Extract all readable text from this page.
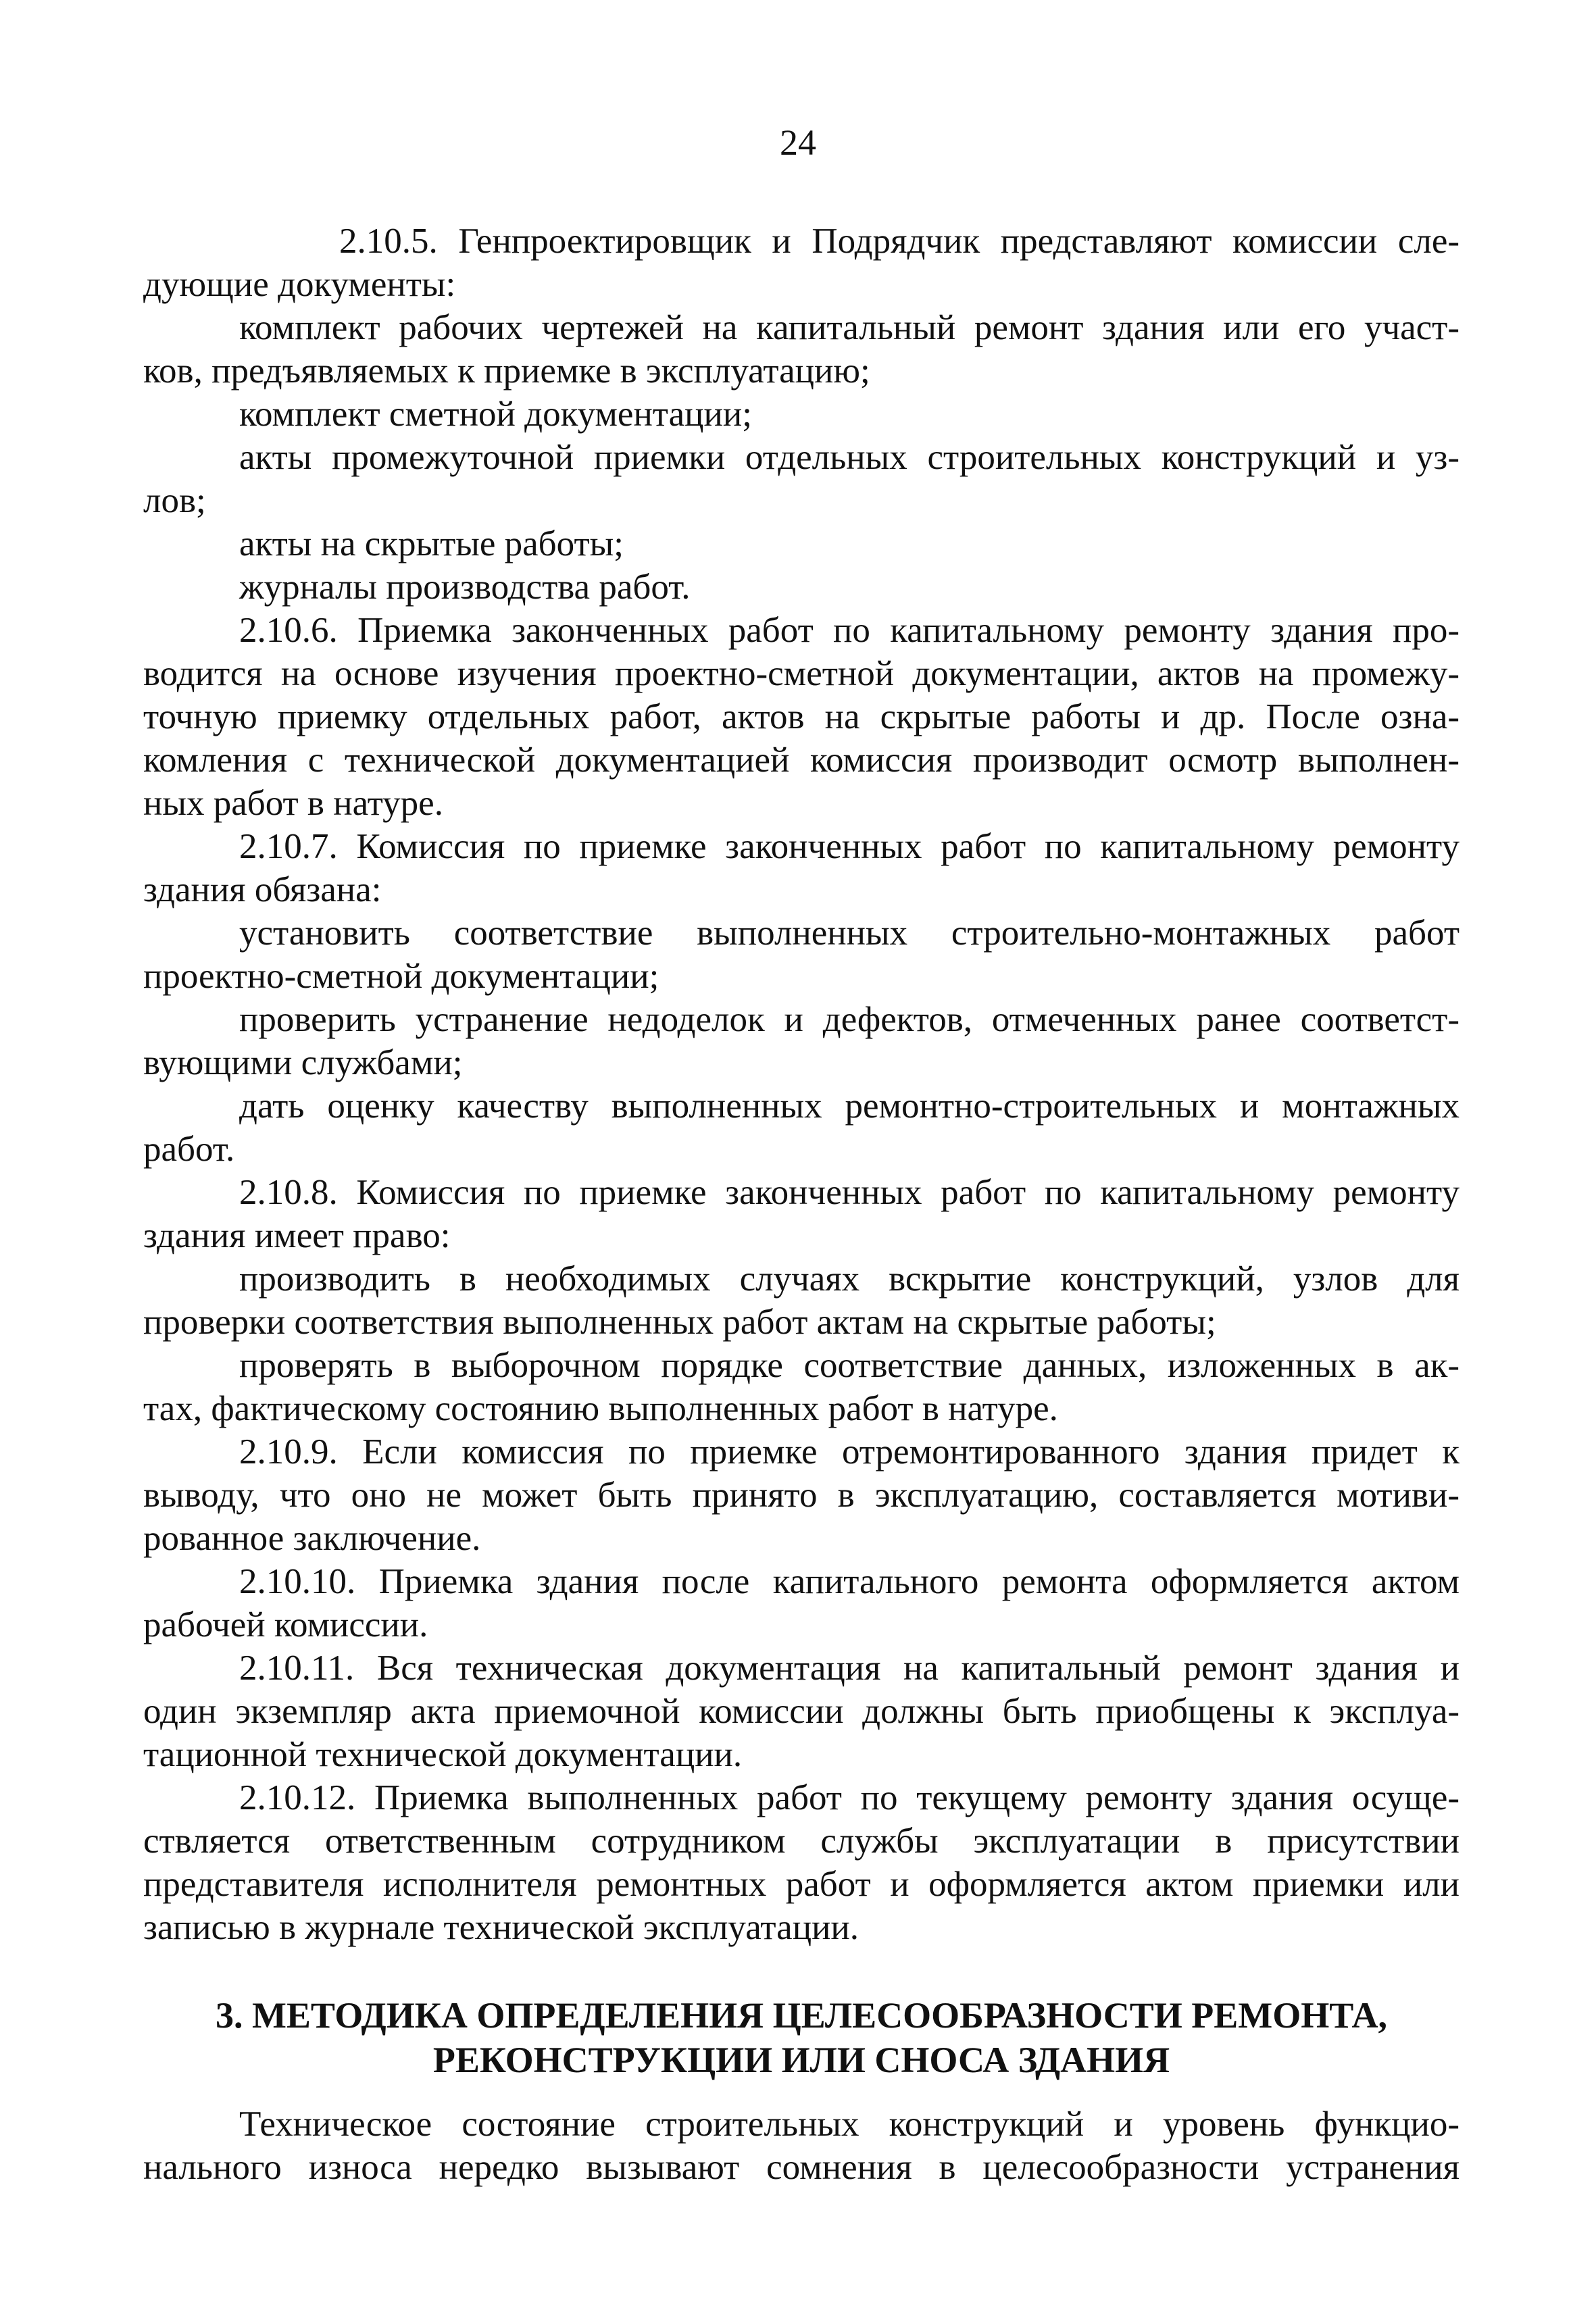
24
2.10.5. Генпроектировщик и Подрядчик представляют комиссии сле-
дующие документы:
комплект рабочих чертежей на капитальный ремонт здания или его участ-
ков, предъявляемых к приемке в эксплуатацию;
комплект сметной документации;
акты промежуточной приемки отдельных строительных конструкций и уз-
лов;
акты на скрытые работы;
журналы производства работ.
2.10.6. Приемка законченных работ по капитальному ремонту здания про-
водится на основе изучения проектно-сметной документации, актов на промежу-
точную приемку отдельных работ, актов на скрытые работы и др. После озна-
комления с технической документацией комиссия производит осмотр выполнен-
ных работ в натуре.
2.10.7. Комиссия по приемке законченных работ по капитальному ремонту
здания обязана:
установить соответствие выполненных строительно-монтажных работ
проектно-сметной документации;
проверить устранение недоделок и дефектов, отмеченных ранее соответст-
вующими службами;
дать оценку качеству выполненных ремонтно-строительных и монтажных
работ.
2.10.8. Комиссия по приемке законченных работ по капитальному ремонту
здания имеет право:
производить в необходимых случаях вскрытие конструкций, узлов для
проверки соответствия выполненных работ актам на скрытые работы;
проверять в выборочном порядке соответствие данных, изложенных в ак-
тах, фактическому состоянию выполненных работ в натуре.
2.10.9. Если комиссия по приемке отремонтированного здания придет к
выводу, что оно не может быть принято в эксплуатацию, составляется мотиви-
рованное заключение.
2.10.10. Приемка здания после капитального ремонта оформляется актом
рабочей комиссии.
2.10.11. Вся техническая документация на капитальный ремонт здания и
один экземпляр акта приемочной комиссии должны быть приобщены к эксплуа-
тационной технической документации.
2.10.12. Приемка выполненных работ по текущему ремонту здания осуще-
ствляется ответственным сотрудником службы эксплуатации в присутствии
представителя исполнителя ремонтных работ и оформляется актом приемки или
записью в журнале технической эксплуатации.
3. МЕТОДИКА ОПРЕДЕЛЕНИЯ ЦЕЛЕСООБРАЗНОСТИ РЕМОНТА,
РЕКОНСТРУКЦИИ ИЛИ СНОСА ЗДАНИЯ
Техническое состояние строительных конструкций и уровень функцио-
нального износа нередко вызывают сомнения в целесообразности устранения
